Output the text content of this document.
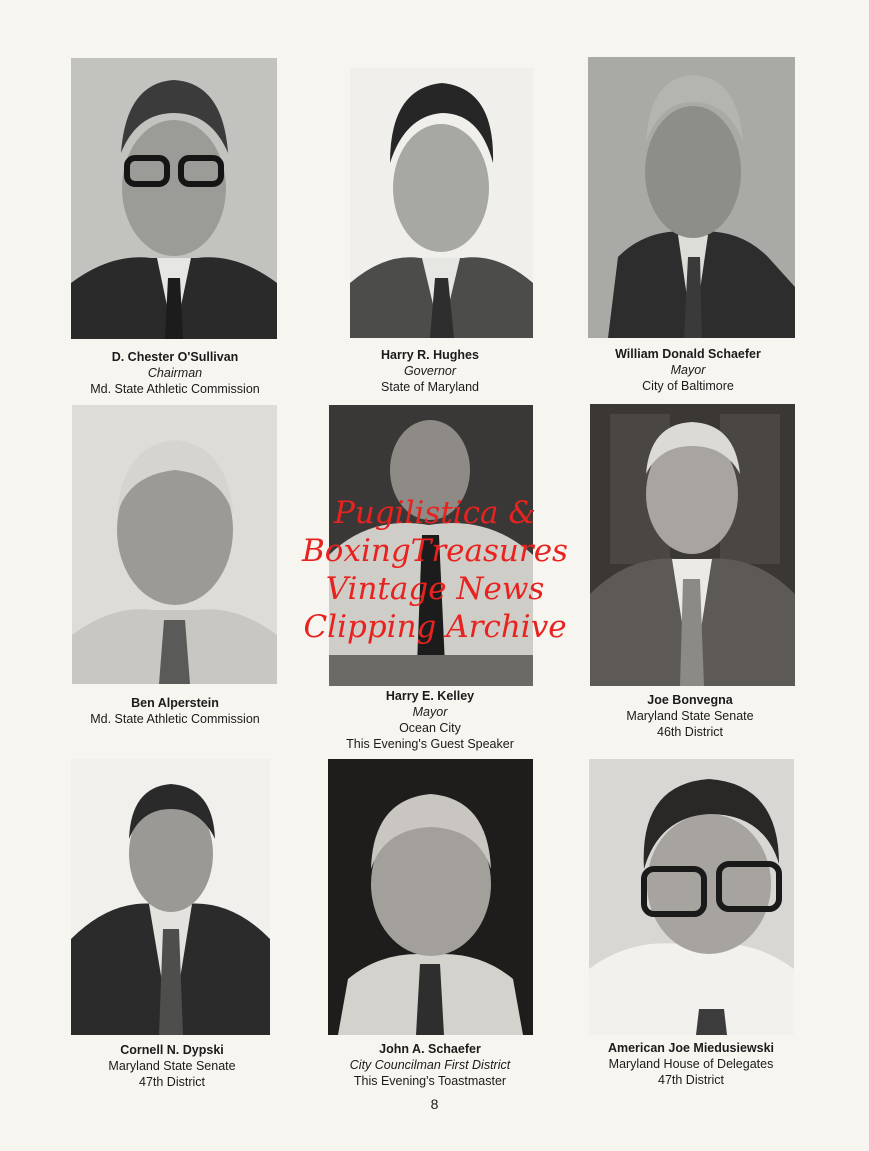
D. Chester O'Sullivan
Chairman
Md. State Athletic Commission
Harry R. Hughes
Governor
State of Maryland
William Donald Schaefer
Mayor
City of Baltimore
Ben Alperstein
Md. State Athletic Commission
Harry E. Kelley
Mayor
Ocean City
This Evening's Guest Speaker
Joe Bonvegna
Maryland State Senate
46th District
Cornell N. Dypski
Maryland State Senate
47th District
John A. Schaefer
City Councilman First District
This Evening's Toastmaster
American Joe Miedusiewski
Maryland House of Delegates
47th District
Pugilistica &
BoxingTreasures
Vintage News
Clipping Archive
8
